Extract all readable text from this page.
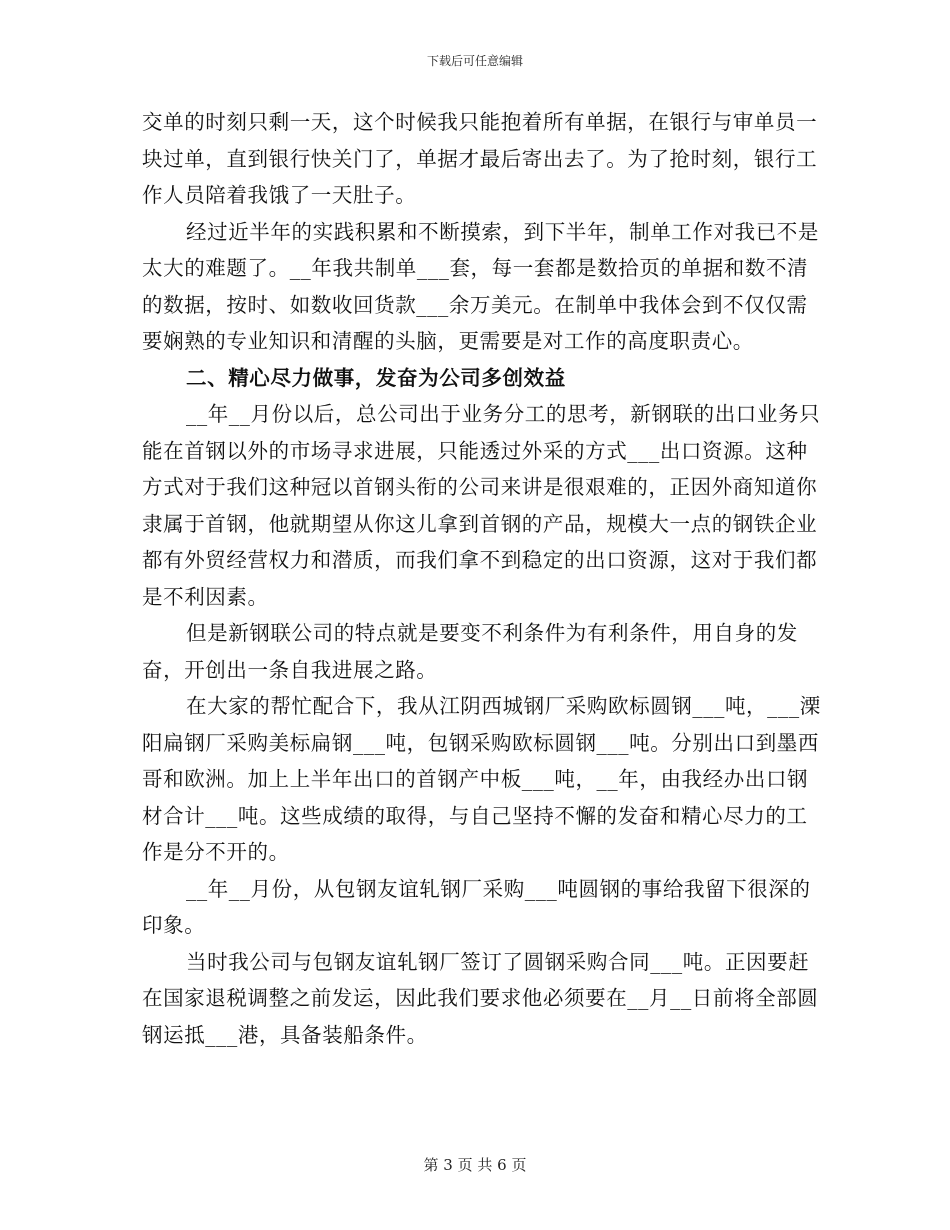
下载后可任意编辑

交单的时刻只剩一天，这个时候我只能抱着所有单据，在银行与审单员一块过单，直到银行快关门了，单据才最后寄出去了。为了抢时刻，银行工作人员陪着我饿了一天肚子。

经过近半年的实践积累和不断摸索，到下半年，制单工作对我已不是太大的难题了。__年我共制单___套，每一套都是数拾页的单据和数不清的数据，按时、如数收回货款___余万美元。在制单中我体会到不仅仅需要娴熟的专业知识和清醒的头脑，更需要是对工作的高度职责心。

二、精心尽力做事，发奋为公司多创效益

__年__月份以后，总公司出于业务分工的思考，新钢联的出口业务只能在首钢以外的市场寻求进展，只能透过外采的方式___出口资源。这种方式对于我们这种冠以首钢头衔的公司来讲是很艰难的，正因外商知道你隶属于首钢，他就期望从你这儿拿到首钢的产品，规模大一点的钢铁企业都有外贸经营权力和潜质，而我们拿不到稳定的出口资源，这对于我们都是不利因素。

但是新钢联公司的特点就是要变不利条件为有利条件，用自身的发奋，开创出一条自我进展之路。

在大家的帮忙配合下，我从江阴西城钢厂采购欧标圆钢___吨，___溧阳扁钢厂采购美标扁钢___吨，包钢采购欧标圆钢___吨。分别出口到墨西哥和欧洲。加上上半年出口的首钢产中板___吨，__年，由我经办出口钢材合计___吨。这些成绩的取得，与自己坚持不懈的发奋和精心尽力的工作是分不开的。

__年__月份，从包钢友谊轧钢厂采购___吨圆钢的事给我留下很深的印象。

当时我公司与包钢友谊轧钢厂签订了圆钢采购合同___吨。正因要赶在国家退税调整之前发运，因此我们要求他必须要在__月__日前将全部圆钢运抵___港，具备装船条件。

第 3 页 共 6 页
